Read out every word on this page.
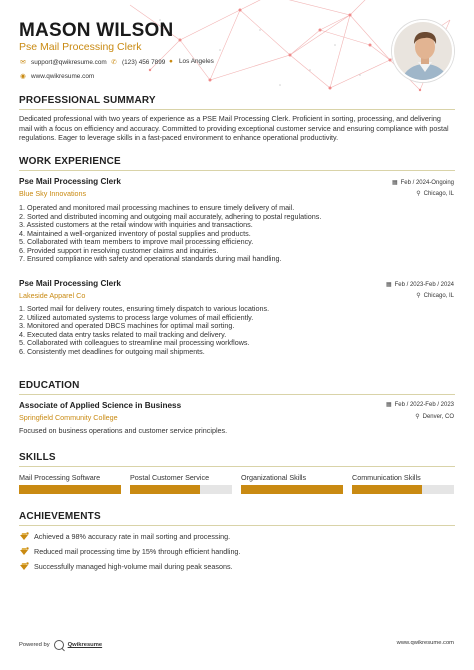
MASON WILSON
Pse Mail Processing Clerk
✉ support@qwikresume.com ✆ (123) 456 7899 ● Los Angeles
◉ www.qwikresume.com
PROFESSIONAL SUMMARY
Dedicated professional with two years of experience as a PSE Mail Processing Clerk. Proficient in sorting, processing, and delivering mail with a focus on efficiency and accuracy. Committed to providing exceptional customer service and ensuring compliance with postal regulations. Eager to leverage skills in a fast-paced environment to enhance operational productivity.
WORK EXPERIENCE
Pse Mail Processing Clerk
Blue Sky Innovations
▦ Feb / 2024-Ongoing
⚲ Chicago, IL
1. Operated and monitored mail processing machines to ensure timely delivery of mail.
2. Sorted and distributed incoming and outgoing mail accurately, adhering to postal regulations.
3. Assisted customers at the retail window with inquiries and transactions.
4. Maintained a well-organized inventory of postal supplies and products.
5. Collaborated with team members to improve mail processing efficiency.
6. Provided support in resolving customer claims and inquiries.
7. Ensured compliance with safety and operational standards during mail handling.
Pse Mail Processing Clerk
Lakeside Apparel Co
▦ Feb / 2023-Feb / 2024
⚲ Chicago, IL
1. Sorted mail for delivery routes, ensuring timely dispatch to various locations.
2. Utilized automated systems to process large volumes of mail efficiently.
3. Monitored and operated DBCS machines for optimal mail sorting.
4. Executed data entry tasks related to mail tracking and delivery.
5. Collaborated with colleagues to streamline mail processing workflows.
6. Consistently met deadlines for outgoing mail shipments.
EDUCATION
Associate of Applied Science in Business
Springfield Community College
▦ Feb / 2022-Feb / 2023
⚲ Denver, CO
Focused on business operations and customer service principles.
SKILLS
Mail Processing Software	Postal Customer Service	Organizational Skills	Communication Skills
ACHIEVEMENTS
Achieved a 98% accuracy rate in mail sorting and processing.
Reduced mail processing time by 15% through efficient handling.
Successfully managed high-volume mail during peak seasons.
Powered by	Qwikresume	www.qwikresume.com
